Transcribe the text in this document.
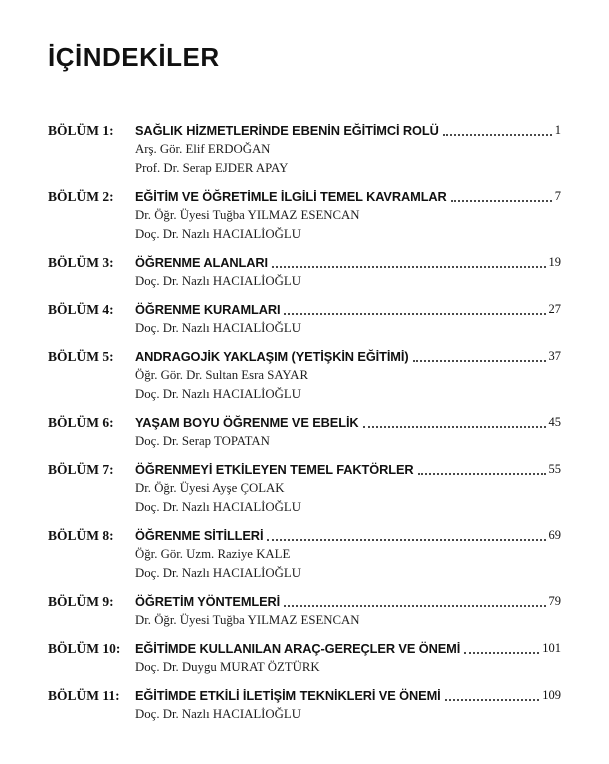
İÇİNDEKİLER
BÖLÜM 1:	SAĞLIK HİZMETLERİNDE EBENİN EĞİTİMCİ ROLÜ	1
Arş. Gör. Elif ERDOĞAN
Prof. Dr. Serap EJDER APAY
BÖLÜM 2:	EĞİTİM VE ÖĞRETİMLE İLGİLİ TEMEL KAVRAMLAR	7
Dr. Öğr. Üyesi Tuğba YILMAZ ESENCAN
Doç. Dr. Nazlı HACIALİOĞLU
BÖLÜM 3:	ÖĞRENME ALANLARI	19
Doç. Dr. Nazlı HACIALİOĞLU
BÖLÜM 4:	ÖĞRENME KURAMLARI	27
Doç. Dr. Nazlı HACIALİOĞLU
BÖLÜM 5:	ANDRAGOJİK YAKLAŞIM (YETİŞKİN EĞİTİMİ)	37
Öğr. Gör. Dr. Sultan Esra SAYAR
Doç. Dr. Nazlı HACIALİOĞLU
BÖLÜM 6:	YAŞAM BOYU ÖĞRENME VE EBELİK	45
Doç. Dr. Serap TOPATAN
BÖLÜM 7:	ÖĞRENMEYİ ETKİLEYEN TEMEL FAKTÖRLER	55
Dr. Öğr. Üyesi Ayşe ÇOLAK
Doç. Dr. Nazlı HACIALİOĞLU
BÖLÜM 8:	ÖĞRENME SİTİLLERİ	69
Öğr. Gör. Uzm. Raziye KALE
Doç. Dr. Nazlı HACIALİOĞLU
BÖLÜM 9:	ÖĞRETİM YÖNTEMLERİ	79
Dr. Öğr. Üyesi Tuğba YILMAZ ESENCAN
BÖLÜM 10:	EĞİTİMDE KULLANILAN ARAÇ-GEREÇLER VE ÖNEMİ	101
Doç. Dr. Duygu MURAT ÖZTÜRK
BÖLÜM 11:	EĞİTİMDE ETKİLİ İLETİŞİM TEKNİKLERİ VE ÖNEMİ	109
Doç. Dr. Nazlı HACIALİOĞLU
